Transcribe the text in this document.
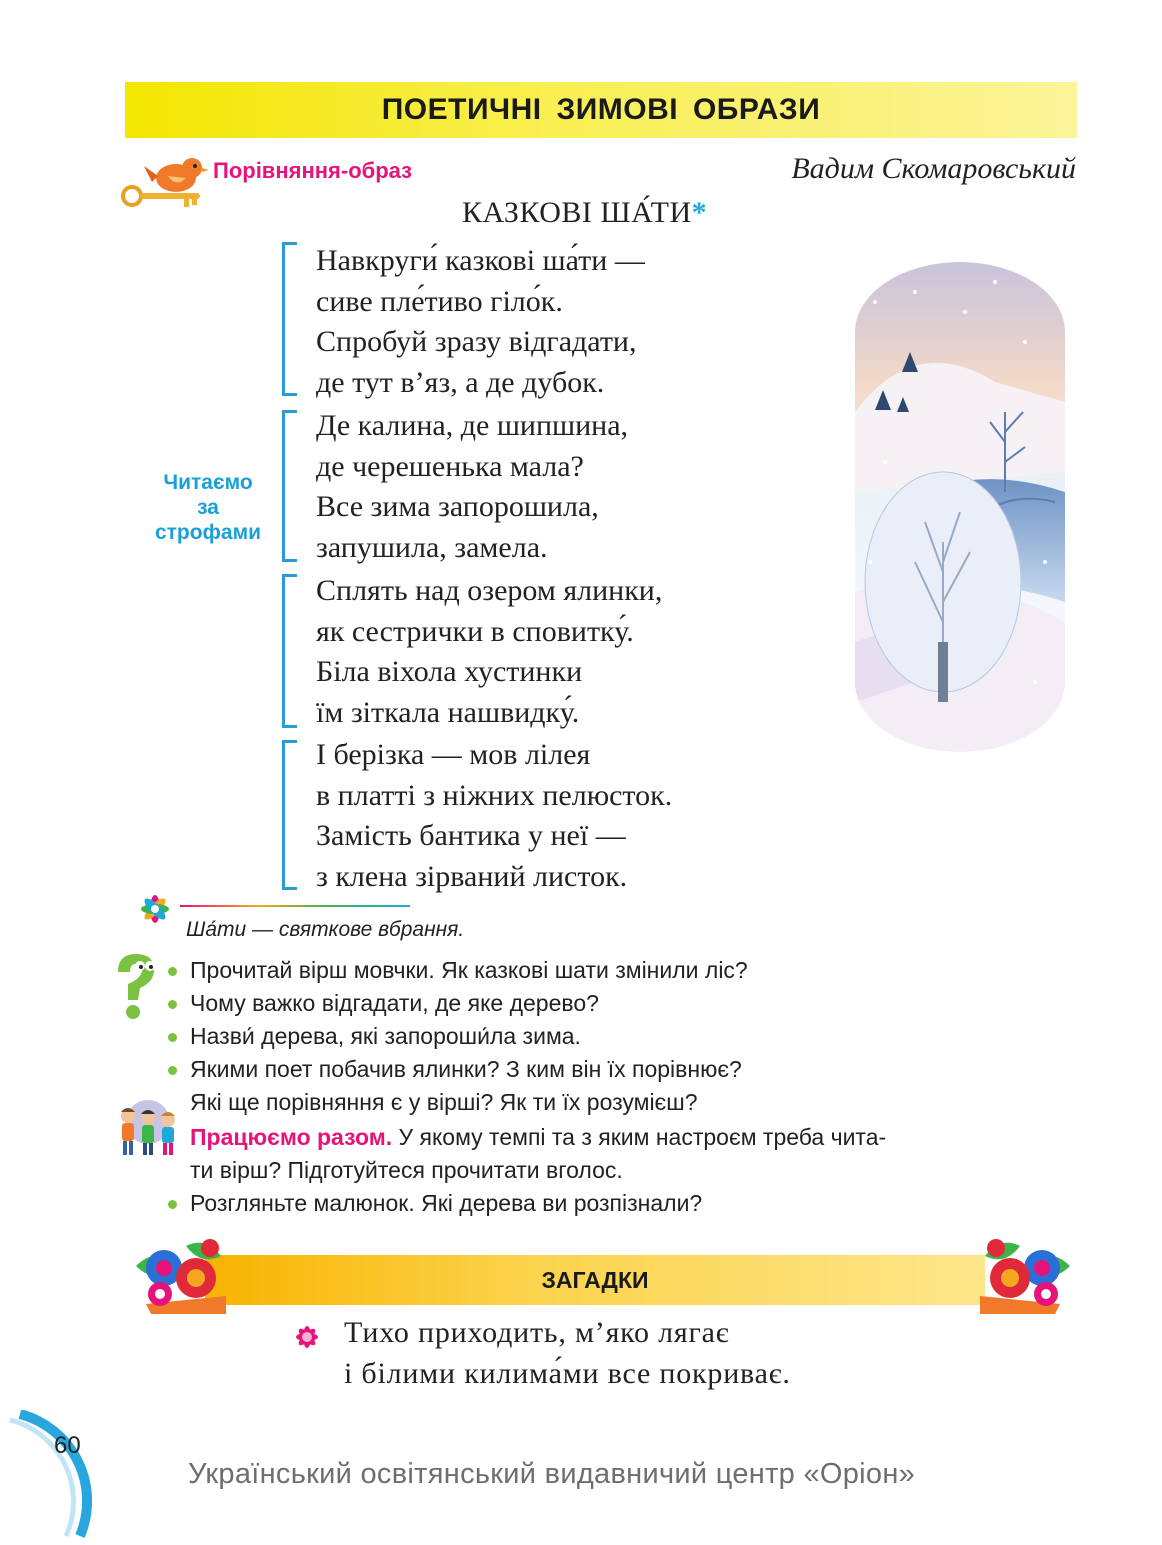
ПОЕТИЧНІ ЗИМОВІ ОБРАЗИ
Порівняння-образ	Вадим Скомаровський
КАЗКОВІ ША́ТИ*
Навкруги́ казкові ша́ти —
сиве пле́тиво гіло́к.
Спробуй зразу відгадати,
де тут в’яз, а де дубок.
Де калина, де шипшина,
де черешенька мала?
Все зима запорошила,
запушила, замела.
Сплять над озером ялинки,
як сестрички в сповитку́.
Біла віхола хустинки
їм зіткала нашвидку́.
І берізка — мов лілея
в платті з ніжних пелюсток.
Замість бантика у неї —
з клена зірваний листок.
Читаємо
за
строфами
Ша́ти — святкове вбрання.
Прочитай вірш мовчки. Як казкові шати змінили ліс?
Чому важко відгадати, де яке дерево?
Назви́ дерева, які запороши́ла зима.
Якими поет побачив ялинки? З ким він їх порівнює?
Які ще порівняння є у вірші? Як ти їх розумієш?
Працюємо разом. У якому темпі та з яким настроєм треба чита-
ти вірш? Підготуйтеся прочитати вголос.
Розгляньте малюнок. Які дерева ви розпізнали?
ЗАГАДКИ
Тихо приходить, м’яко лягає
і білими килима́ми все покриває.
60
Український освітянський видавничий центр «Оріон»
